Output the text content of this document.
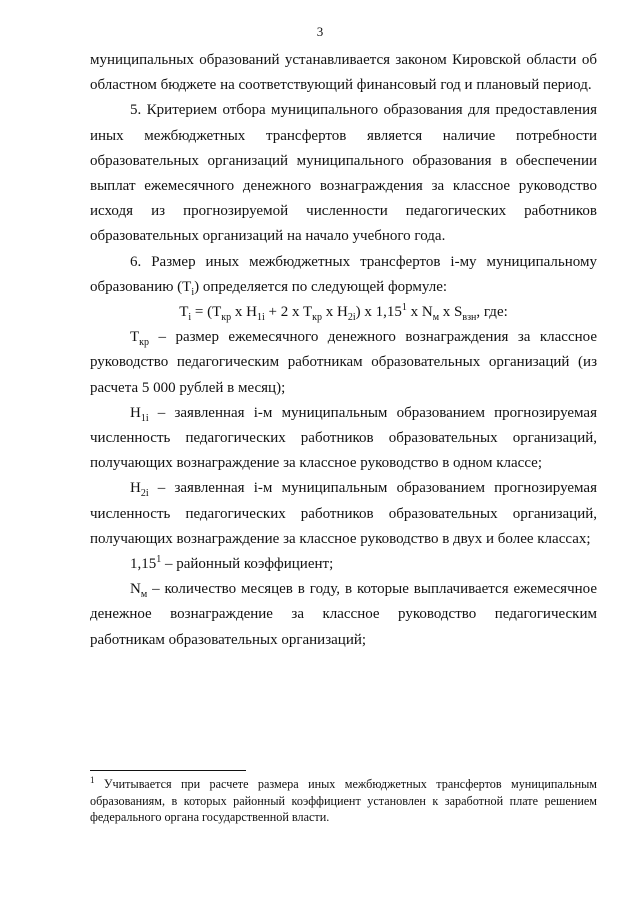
3

муниципальных образований устанавливается законом Кировской области об областном бюджете на соответствующий финансовый год и плановый период.

5. Критерием отбора муниципального образования для предоставления иных межбюджетных трансфертов является наличие потребности образовательных организаций муниципального образования в обеспечении выплат ежемесячного денежного вознаграждения за классное руководство исходя из прогнозируемой численности педагогических работников образовательных организаций на начало учебного года.

6. Размер иных межбюджетных трансфертов i-му муниципальному образованию $(T_i)$ определяется по следующей формуле:

$T_i = (T_{кр}$ x $H_{1i} + 2$ x $T_{кр}$ x $H_{2i}$) x 1,15$^1$ x $N_м$ x $S_{взн}$, где:

$T_{кр}$ – размер ежемесячного денежного вознаграждения за классное руководство педагогическим работникам образовательных организаций (из расчета 5 000 рублей в месяц);

$H_{1i}$ – заявленная i-м муниципальным образованием прогнозируемая численность педагогических работников образовательных организаций, получающих вознаграждение за классное руководство в одном классе;

$H_{2i}$ – заявленная i-м муниципальным образованием прогнозируемая численность педагогических работников образовательных организаций, получающих вознаграждение за классное руководство в двух и более классах;

1,15$^1$ – районный коэффициент;

$N_м$ – количество месяцев в году, в которые выплачивается ежемесячное денежное вознаграждение за классное руководство педагогическим работникам образовательных организаций;

$^1$ Учитывается при расчете размера иных межбюджетных трансфертов муниципальным образованиям, в которых районный коэффициент установлен к заработной плате решением федерального органа государственной власти.
